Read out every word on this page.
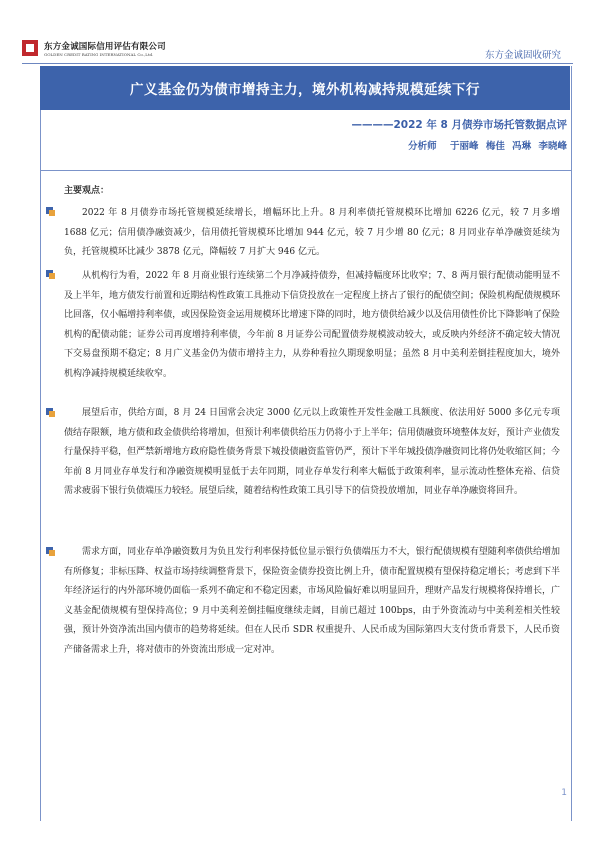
东方金诚国际信用评估有限公司
GOLDEN CREDIT RATING INTERNATIONAL Co.,Ltd.	东方金诚固收研究
广义基金仍为债市增持主力，境外机构减持规模延续下行
————2022 年 8 月债券市场托管数据点评
分析师 于丽峰 梅佳 冯琳 李晓峰
主要观点：
2022 年 8 月债券市场托管规模延续增长，增幅环比上升。8 月利率债托管规模环比增加 6226 亿元，较 7 月多增 1688 亿元；信用债净融资减少，信用债托管规模环比增加 944 亿元，较 7 月少增 80 亿元；8 月同业存单净融资延续为负，托管规模环比减少 3878 亿元，降幅较 7 月扩大 946 亿元。
从机构行为看，2022 年 8 月商业银行连续第二个月净减持债券，但减持幅度环比收窄；7、8 两月银行配债动能明显不及上半年，地方债发行前置和近期结构性政策工具推动下信贷投放在一定程度上挤占了银行的配债空间；保险机构配债规模环比回落，仅小幅增持利率债，或因保险资金运用规模环比增速下降的同时，地方债供给减少以及信用债性价比下降影响了保险机构的配债动能；证券公司再度增持利率债，今年前 8 月证券公司配置债券规模波动较大，或反映内外经济不确定较大情况下交易盘预期不稳定；8 月广义基金仍为债市增持主力，从券种看拉久期现象明显；虽然 8 月中美利差倒挂程度加大，境外机构净减持规模延续收窄。
展望后市，供给方面，8 月 24 日国常会决定 3000 亿元以上政策性开发性金融工具额度、依法用好 5000 多亿元专项债结存限额，地方债和政金债供给将增加，但预计利率债供给压力仍将小于上半年；信用债融资环境整体友好，预计产业债发行量保持平稳，但严禁新增地方政府隐性债务背景下城投债融资监管仍严，预计下半年城投债净融资同比将仍处收缩区间；今年前 8 月同业存单发行和净融资规模明显低于去年同期，同业存单发行利率大幅低于政策利率，显示流动性整体充裕、信贷需求疲弱下银行负债端压力较轻。展望后续，随着结构性政策工具引导下的信贷投放增加，同业存单净融资将回升。
需求方面，同业存单净融资数月为负且发行利率保持低位显示银行负债端压力不大，银行配债规模有望随利率债供给增加有所修复；非标压降、权益市场持续调整背景下，保险资金债券投资比例上升，债市配置规模有望保持稳定增长；考虑到下半年经济运行的内外部环境仍面临一系列不确定和不稳定因素，市场风险偏好难以明显回升，理财产品发行规模将保持增长，广义基金配债规模有望保持高位；9 月中美利差倒挂幅度继续走阔，目前已超过 100bps，由于外资流动与中美利差相关性较强，预计外资净流出国内债市的趋势将延续。但在人民币 SDR 权重提升、人民币成为国际第四大支付货币背景下，人民币资产储备需求上升，将对债市的外资流出形成一定对冲。
1
